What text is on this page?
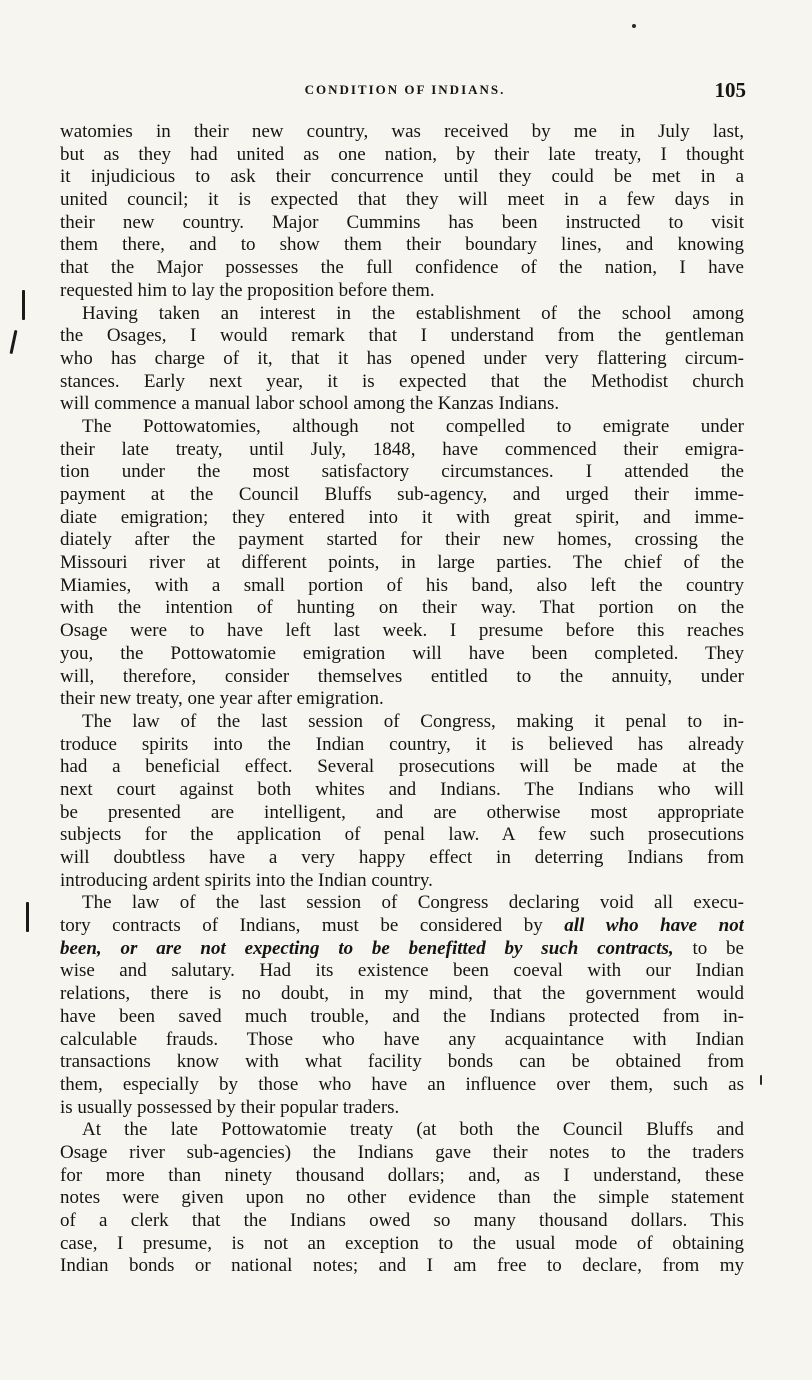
CONDITION OF INDIANS.	105
watomies in their new country, was received by me in July last,
but as they had united as one nation, by their late treaty, I thought
it injudicious to ask their concurrence until they could be met in a
united council; it is expected that they will meet in a few days in
their new country. Major Cummins has been instructed to visit
them there, and to show them their boundary lines, and knowing
that the Major possesses the full confidence of the nation, I have
requested him to lay the proposition before them.
Having taken an interest in the establishment of the school among
the Osages, I would remark that I understand from the gentleman
who has charge of it, that it has opened under very flattering circum-
stances. Early next year, it is expected that the Methodist church
will commence a manual labor school among the Kanzas Indians.
The Pottowatomies, although not compelled to emigrate under
their late treaty, until July, 1848, have commenced their emigra-
tion under the most satisfactory circumstances. I attended the
payment at the Council Bluffs sub-agency, and urged their imme-
diate emigration; they entered into it with great spirit, and imme-
diately after the payment started for their new homes, crossing the
Missouri river at different points, in large parties. The chief of the
Miamies, with a small portion of his band, also left the country
with the intention of hunting on their way. That portion on the
Osage were to have left last week. I presume before this reaches
you, the Pottowatomie emigration will have been completed. They
will, therefore, consider themselves entitled to the annuity, under
their new treaty, one year after emigration.
The law of the last session of Congress, making it penal to in-
troduce spirits into the Indian country, it is believed has already
had a beneficial effect. Several prosecutions will be made at the
next court against both whites and Indians. The Indians who will
be presented are intelligent, and are otherwise most appropriate
subjects for the application of penal law. A few such prosecutions
will doubtless have a very happy effect in deterring Indians from
introducing ardent spirits into the Indian country.
The law of the last session of Congress declaring void all execu-
tory contracts of Indians, must be considered by all who have not
been, or are not expecting to be benefitted by such contracts, to be
wise and salutary. Had its existence been coeval with our Indian
relations, there is no doubt, in my mind, that the government would
have been saved much trouble, and the Indians protected from in-
calculable frauds. Those who have any acquaintance with Indian
transactions know with what facility bonds can be obtained from
them, especially by those who have an influence over them, such as
is usually possessed by their popular traders.
At the late Pottowatomie treaty (at both the Council Bluffs and
Osage river sub-agencies) the Indians gave their notes to the traders
for more than ninety thousand dollars; and, as I understand, these
notes were given upon no other evidence than the simple statement
of a clerk that the Indians owed so many thousand dollars. This
case, I presume, is not an exception to the usual mode of obtaining
Indian bonds or national notes; and I am free to declare, from my
